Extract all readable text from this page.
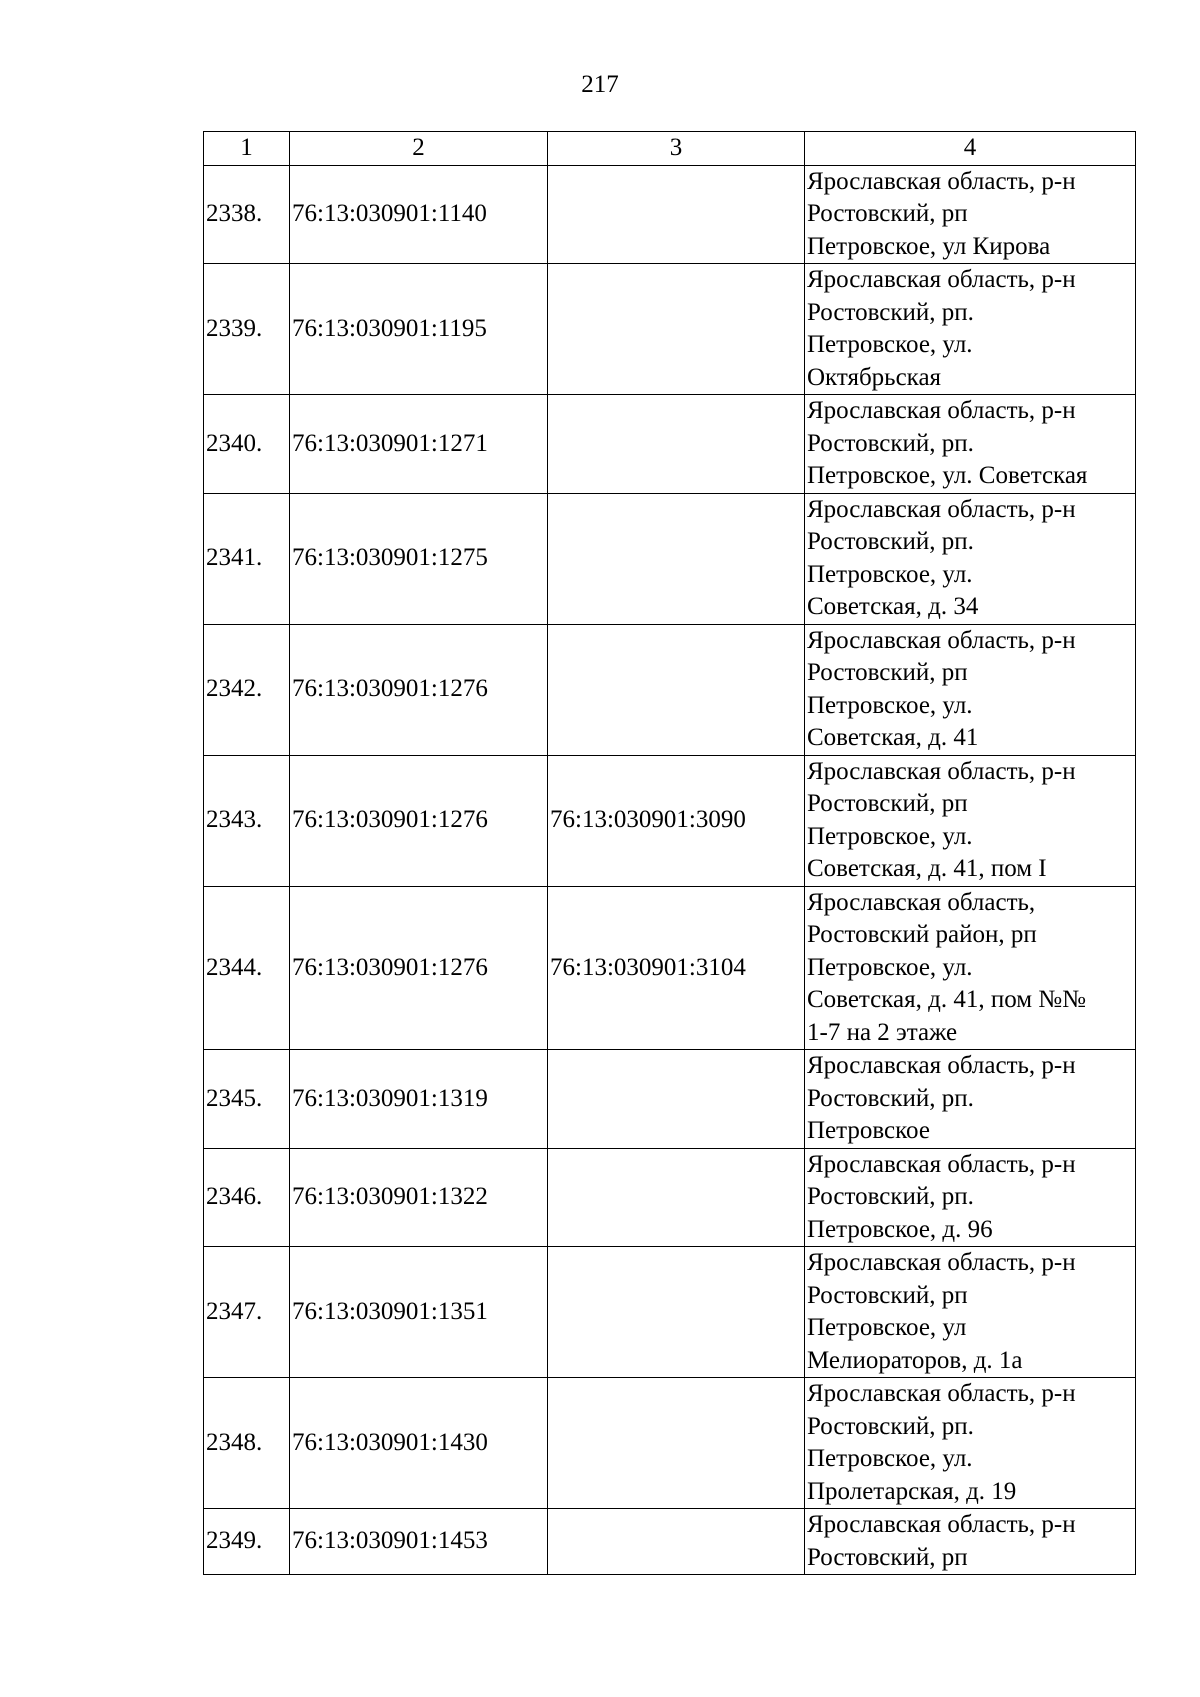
217
1	2	3	4
2338.	76:13:030901:1140		Ярославская область, р-н
Ростовский, рп
Петровское, ул Кирова
2339.	76:13:030901:1195		Ярославская область, р-н
Ростовский, рп.
Петровское, ул.
Октябрьская
2340.	76:13:030901:1271		Ярославская область, р-н
Ростовский, рп.
Петровское, ул. Советская
2341.	76:13:030901:1275		Ярославская область, р-н
Ростовский, рп.
Петровское, ул.
Советская, д. 34
2342.	76:13:030901:1276		Ярославская область, р-н
Ростовский, рп
Петровское, ул.
Советская, д. 41
2343.	76:13:030901:1276	76:13:030901:3090	Ярославская область, р-н
Ростовский, рп
Петровское, ул.
Советская, д. 41, пом I
2344.	76:13:030901:1276	76:13:030901:3104	Ярославская область,
Ростовский район, рп
Петровское, ул.
Советская, д. 41, пом №№
1-7 на 2 этаже
2345.	76:13:030901:1319		Ярославская область, р-н
Ростовский, рп.
Петровское
2346.	76:13:030901:1322		Ярославская область, р-н
Ростовский, рп.
Петровское, д. 96
2347.	76:13:030901:1351		Ярославская область, р-н
Ростовский, рп
Петровское, ул
Мелиораторов, д. 1а
2348.	76:13:030901:1430		Ярославская область, р-н
Ростовский, рп.
Петровское, ул.
Пролетарская, д. 19
2349.	76:13:030901:1453		Ярославская область, р-н
Ростовский, рп
